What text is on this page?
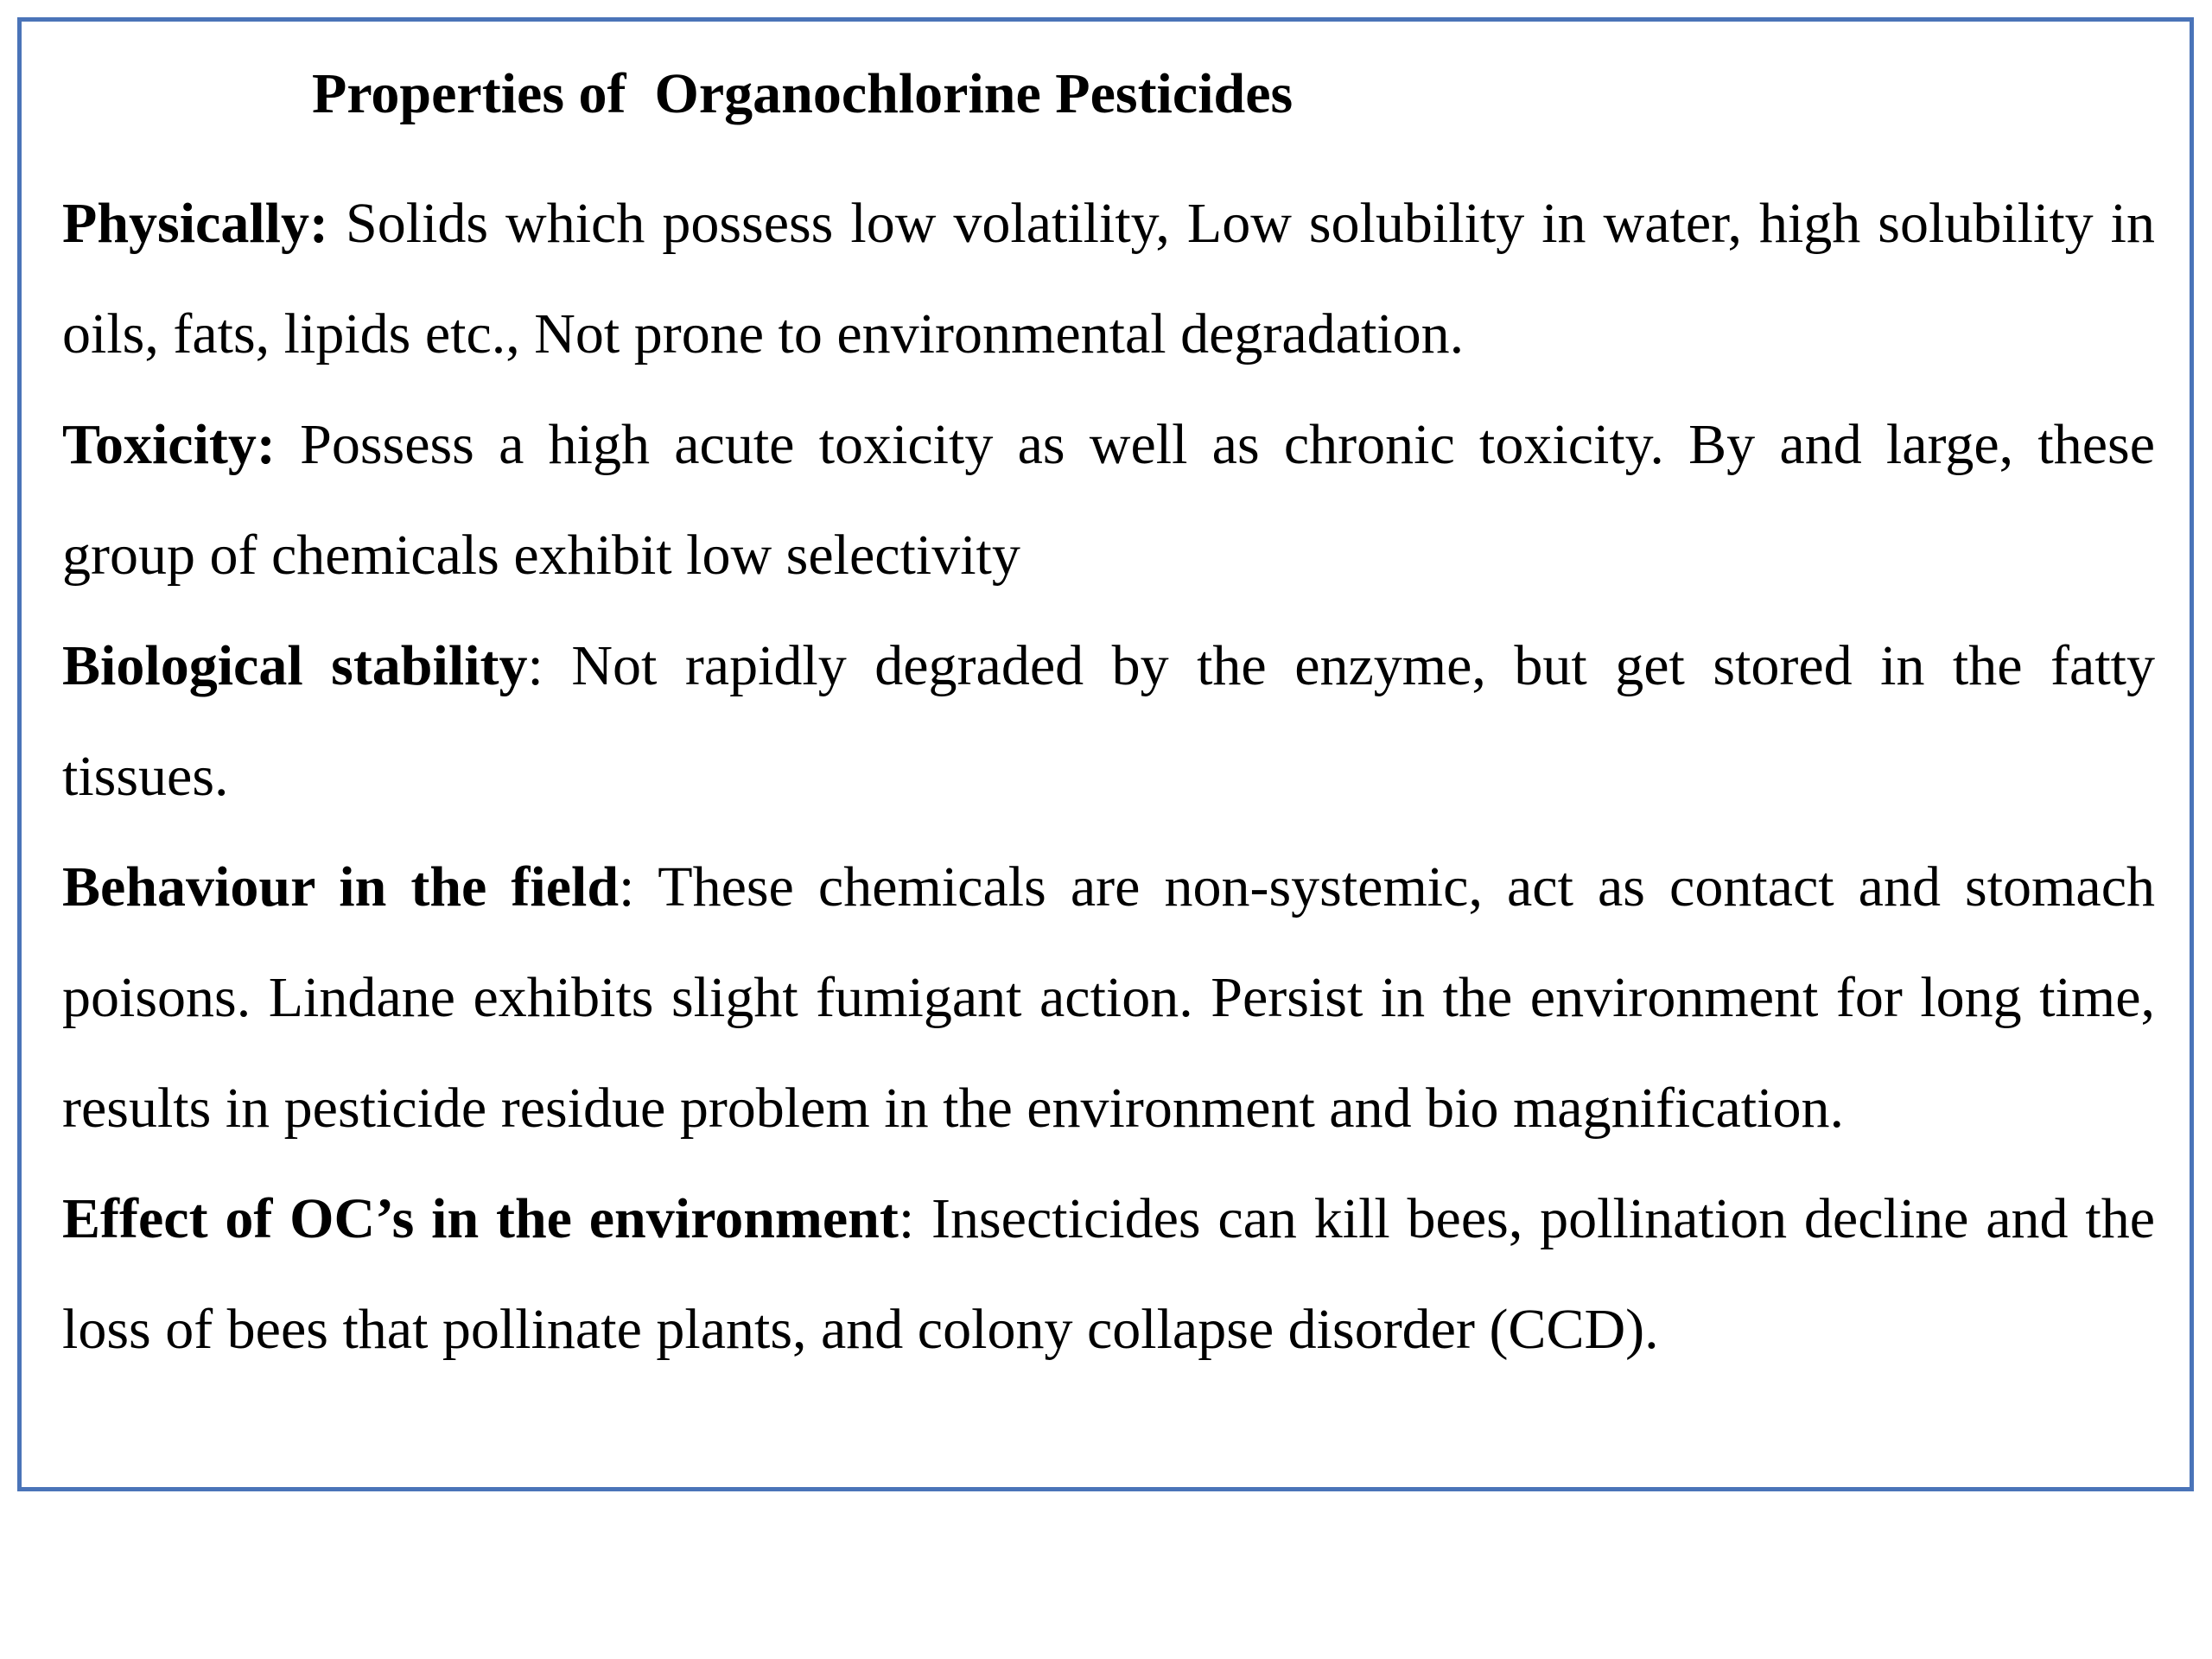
Properties of  Organochlorine Pesticides

Physically: Solids which possess low volatility, Low solubility in water, high solubility in oils, fats, lipids etc., Not prone to environmental degradation.

Toxicity: Possess a high acute toxicity as well as chronic toxicity. By and large, these group of chemicals exhibit low selectivity

Biological stability: Not rapidly degraded by the enzyme, but get stored in the fatty tissues.

Behaviour in the field: These chemicals are non-systemic, act as contact and stomach poisons. Lindane exhibits slight fumigant action. Persist in the environment for long time, results in pesticide residue problem in the environment and bio magnification.

Effect of OC’s in the environment: Insecticides can kill bees, pollination decline and the loss of bees that pollinate plants, and colony collapse disorder (CCD).
